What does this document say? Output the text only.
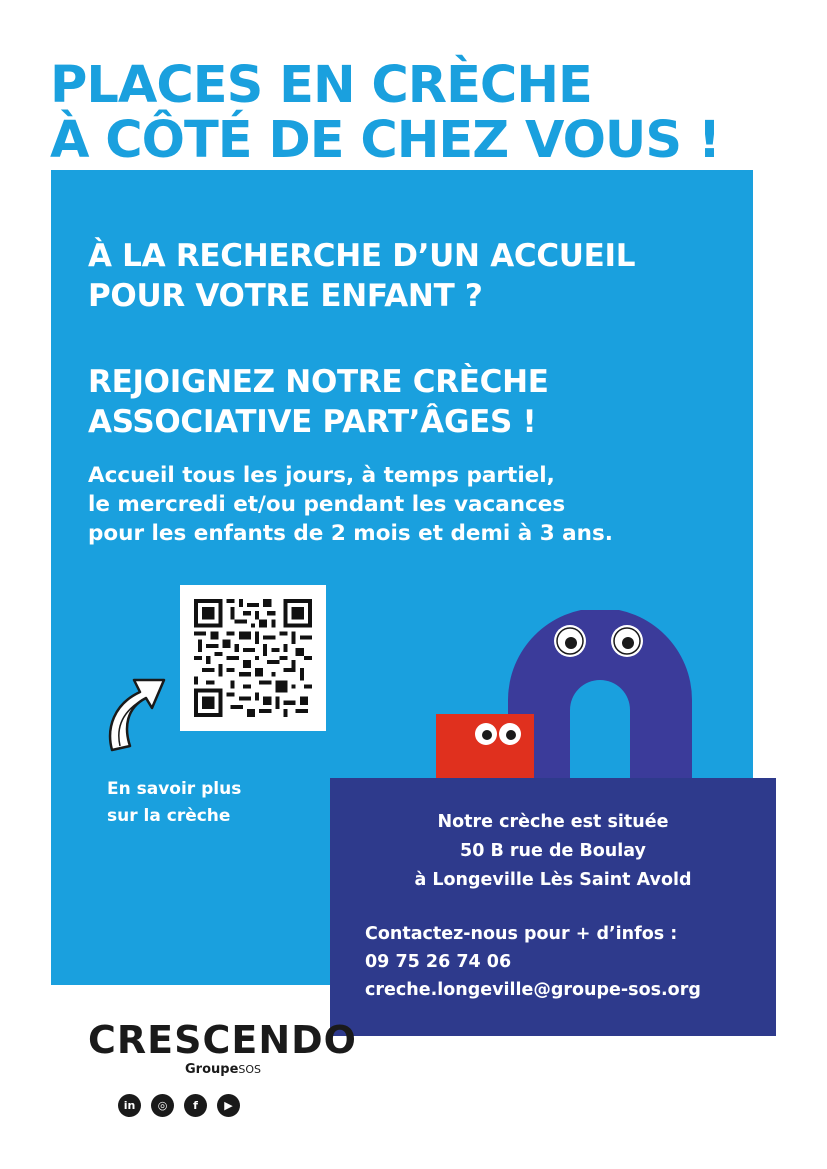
PLACES EN CRÈCHE
À CÔTÉ DE CHEZ VOUS !
À LA RECHERCHE D’UN ACCUEIL
POUR VOTRE ENFANT ?
REJOIGNEZ NOTRE CRÈCHE
ASSOCIATIVE PART’ÂGES !

Accueil tous les jours, à temps partiel,
le mercredi et/ou pendant les vacances
pour les enfants de 2 mois et demi à 3 ans.

En savoir plus
sur la crèche	Notre crèche est située
50 B rue de Boulay
à Longeville Lès Saint Avold
Contactez-nous pour + d’infos :
09 75 26 74 06
creche.longeville@groupe-sos.org
CRESCENDO
GroupeSOS
in	◎	f	▶
